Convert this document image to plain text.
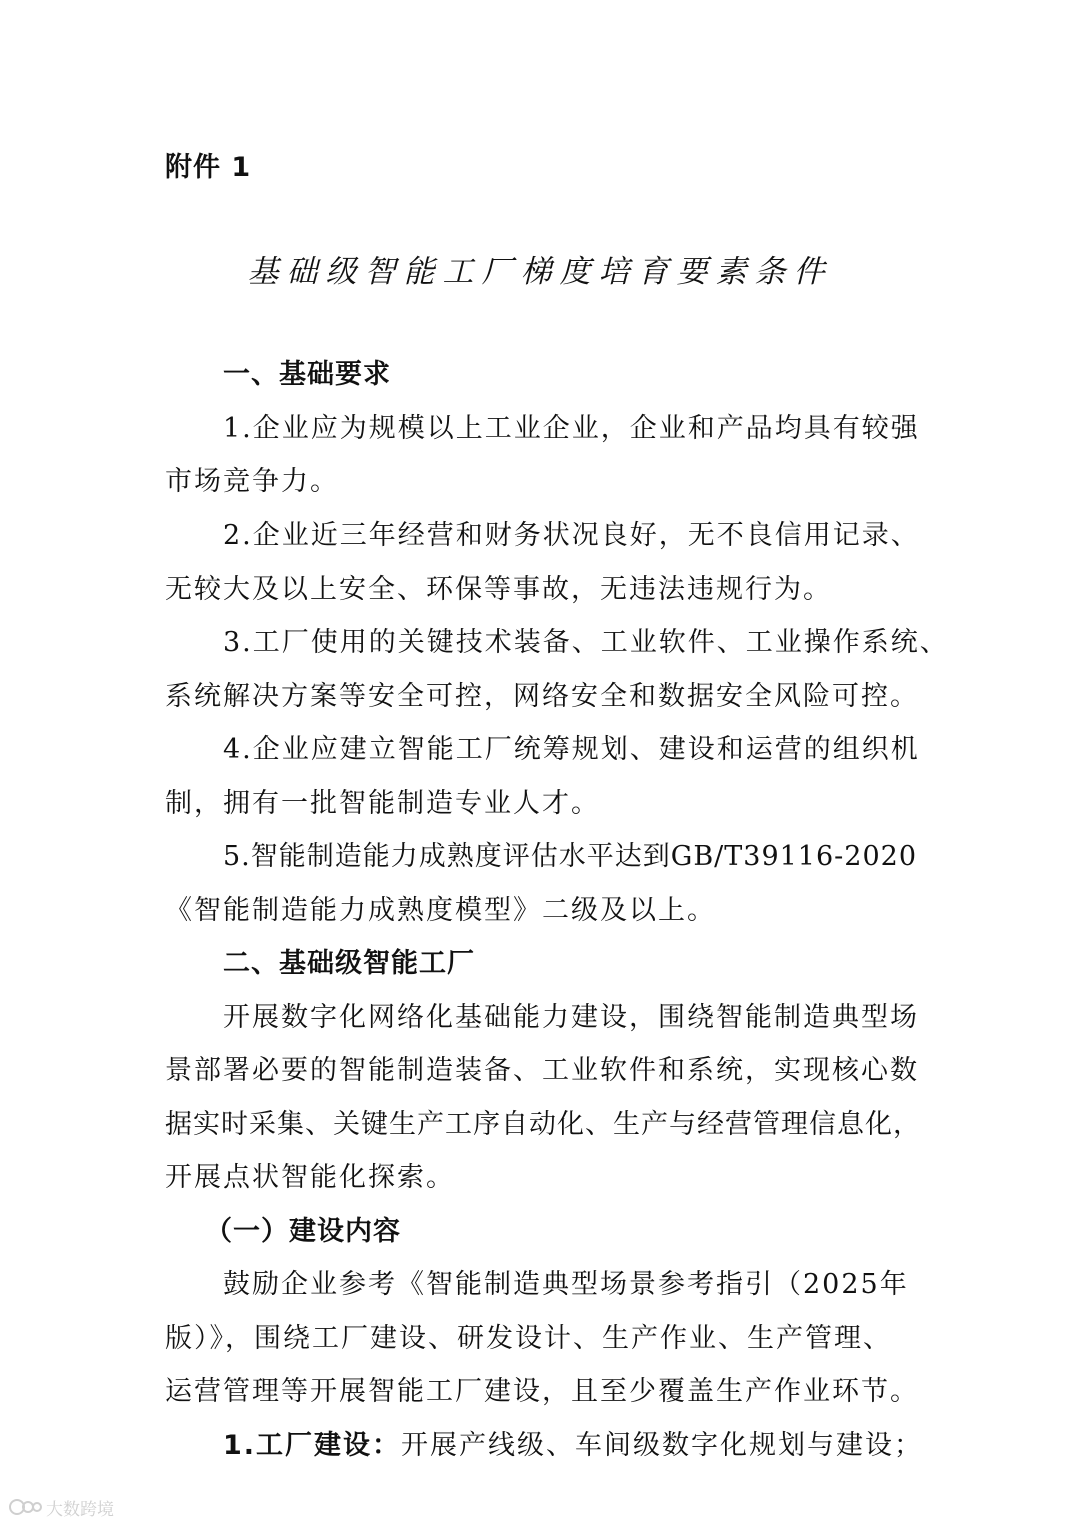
附件 1
基础级智能工厂梯度培育要素条件
一、基础要求
1.企业应为规模以上工业企业，企业和产品均具有较强
市场竞争力。
2.企业近三年经营和财务状况良好，无不良信用记录、
无较大及以上安全、环保等事故，无违法违规行为。
3.工厂使用的关键技术装备、工业软件、工业操作系统、
系统解决方案等安全可控，网络安全和数据安全风险可控。
4.企业应建立智能工厂统筹规划、建设和运营的组织机
制，拥有一批智能制造专业人才。
5.智能制造能力成熟度评估水平达到GB/T39116-2020
《智能制造能力成熟度模型》二级及以上。
二、基础级智能工厂
开展数字化网络化基础能力建设，围绕智能制造典型场
景部署必要的智能制造装备、工业软件和系统，实现核心数
据实时采集、关键生产工序自动化、生产与经营管理信息化，
开展点状智能化探索。
（一）建设内容
鼓励企业参考《智能制造典型场景参考指引（2025年
版）》，围绕工厂建设、研发设计、生产作业、生产管理、
运营管理等开展智能工厂建设，且至少覆盖生产作业环节。
1.工厂建设：开展产线级、车间级数字化规划与建设；
大数跨境
